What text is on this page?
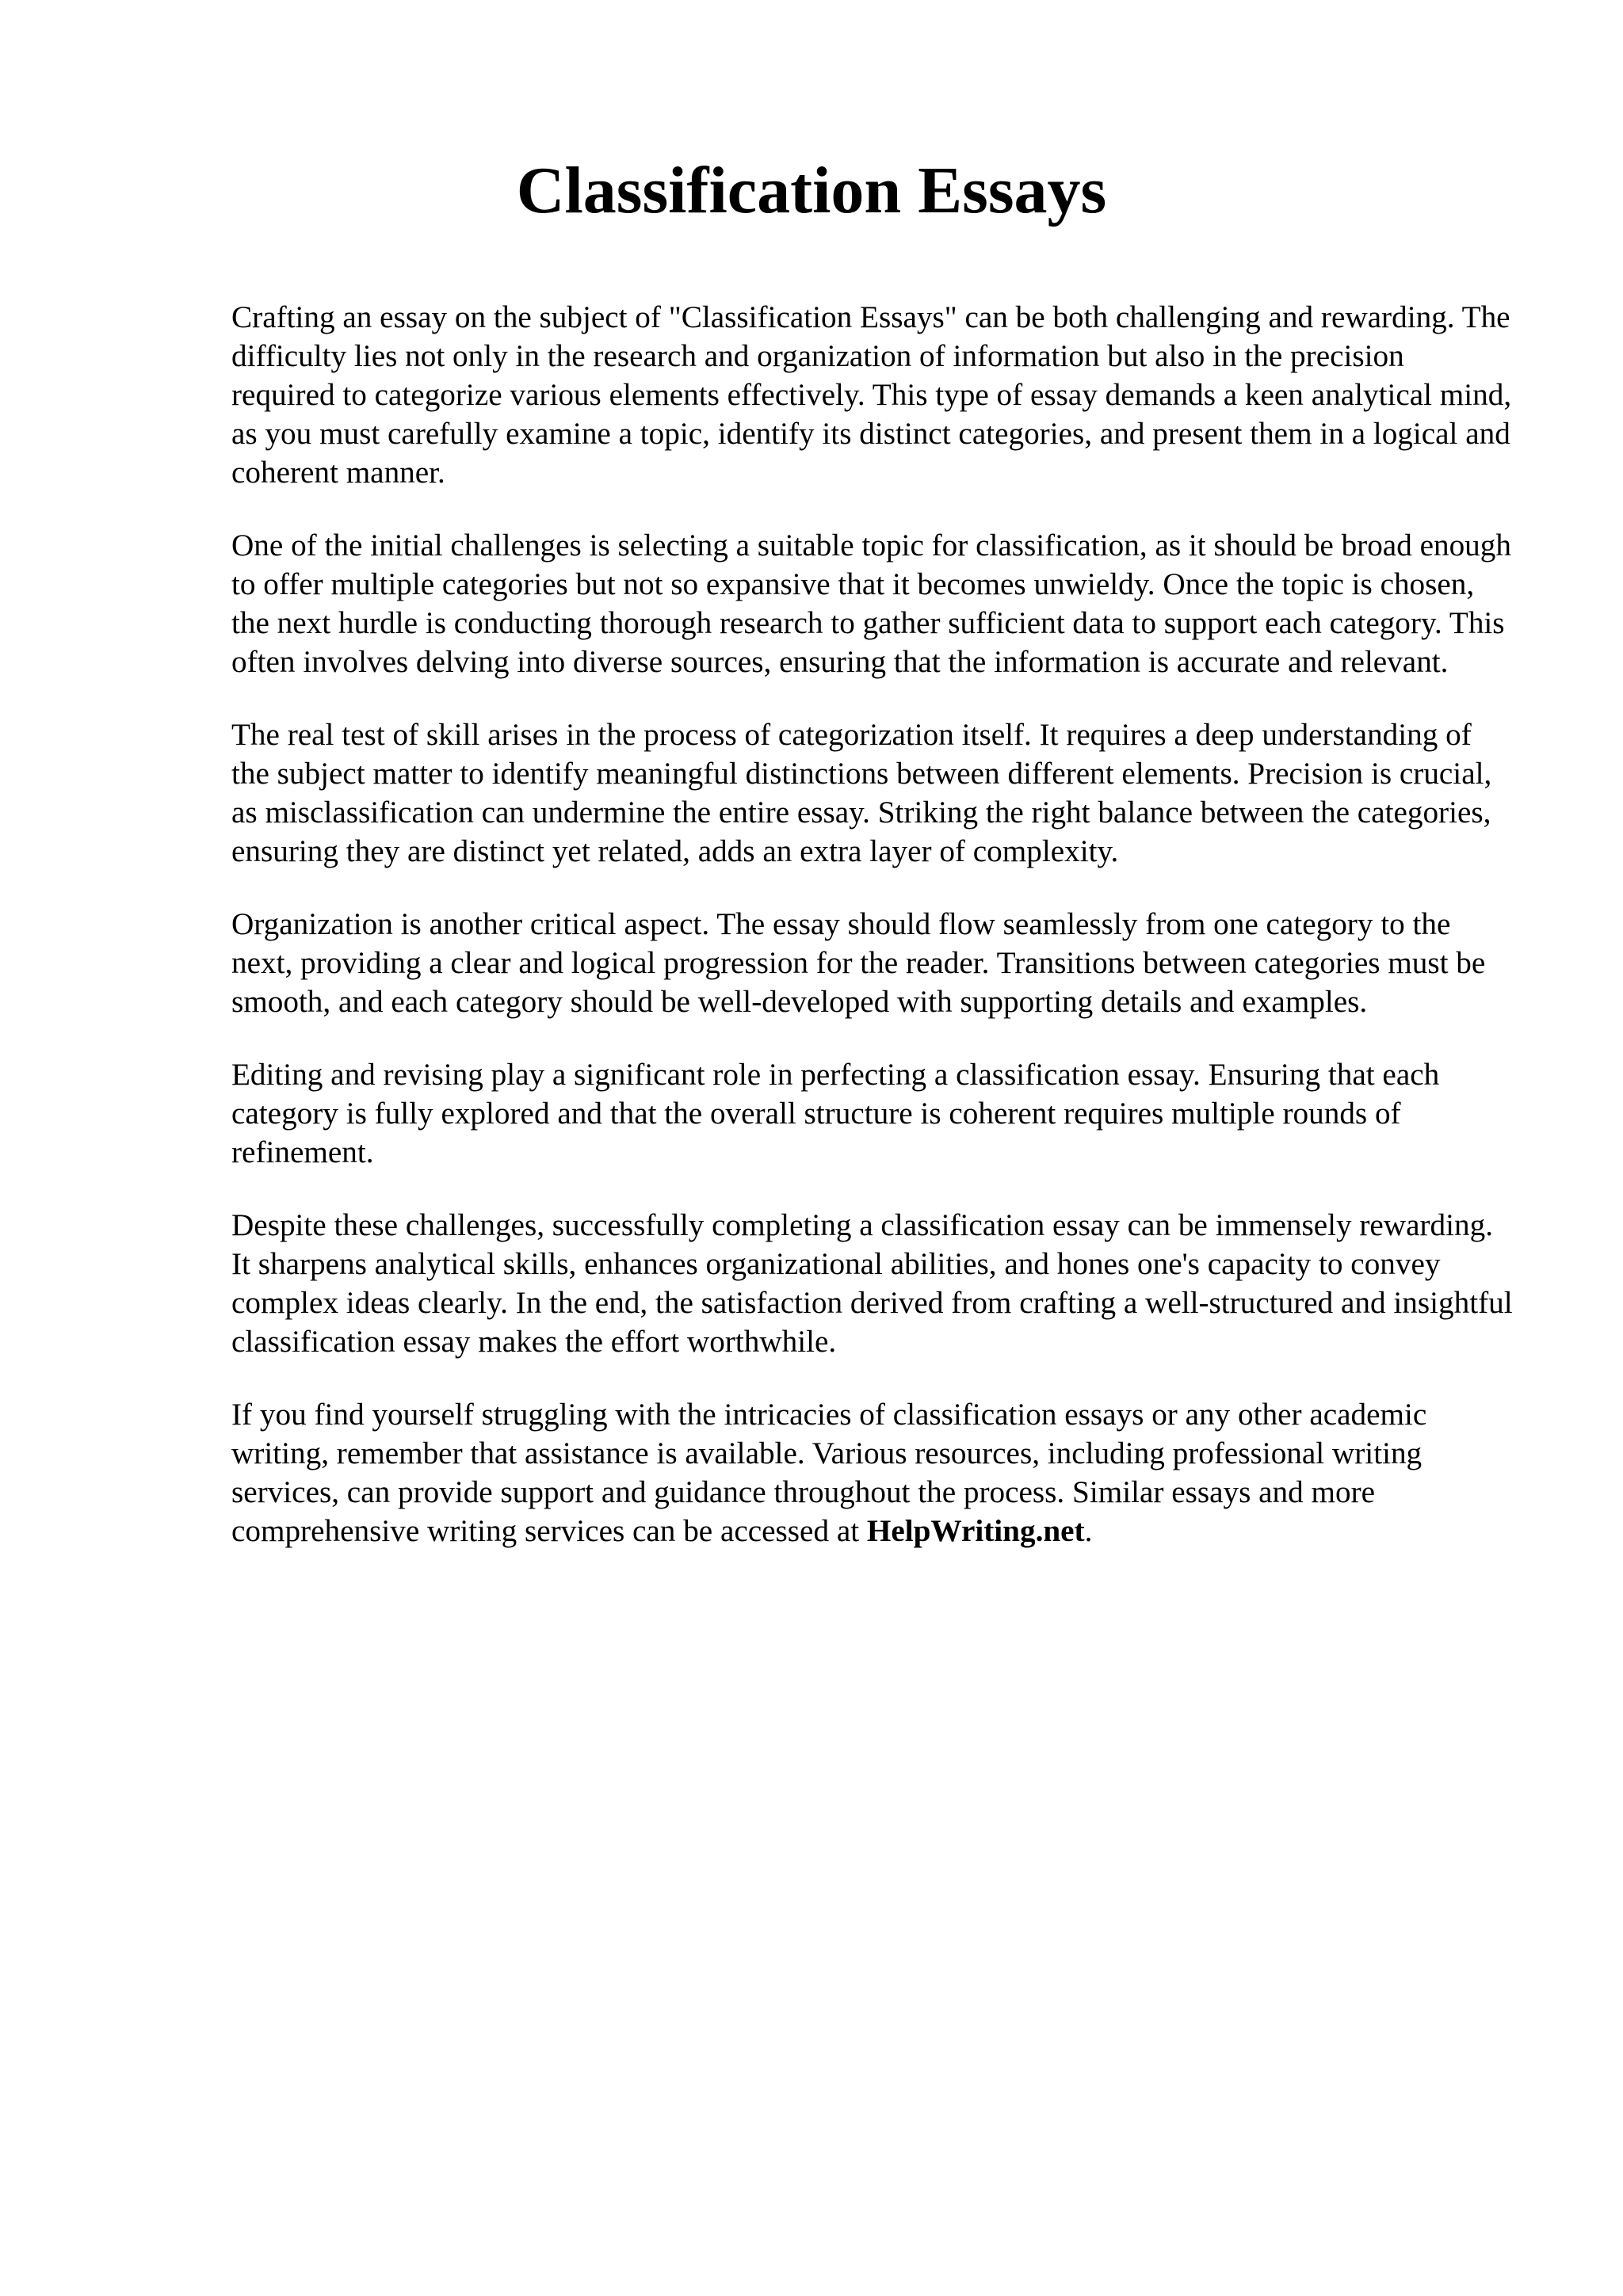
Classification Essays

Crafting an essay on the subject of "Classification Essays" can be both challenging and rewarding. The difficulty lies not only in the research and organization of information but also in the precision required to categorize various elements effectively. This type of essay demands a keen analytical mind, as you must carefully examine a topic, identify its distinct categories, and present them in a logical and coherent manner.

One of the initial challenges is selecting a suitable topic for classification, as it should be broad enough to offer multiple categories but not so expansive that it becomes unwieldy. Once the topic is chosen, the next hurdle is conducting thorough research to gather sufficient data to support each category. This often involves delving into diverse sources, ensuring that the information is accurate and relevant.

The real test of skill arises in the process of categorization itself. It requires a deep understanding of the subject matter to identify meaningful distinctions between different elements. Precision is crucial, as misclassification can undermine the entire essay. Striking the right balance between the categories, ensuring they are distinct yet related, adds an extra layer of complexity.

Organization is another critical aspect. The essay should flow seamlessly from one category to the next, providing a clear and logical progression for the reader. Transitions between categories must be smooth, and each category should be well-developed with supporting details and examples.

Editing and revising play a significant role in perfecting a classification essay. Ensuring that each category is fully explored and that the overall structure is coherent requires multiple rounds of refinement.

Despite these challenges, successfully completing a classification essay can be immensely rewarding. It sharpens analytical skills, enhances organizational abilities, and hones one's capacity to convey complex ideas clearly. In the end, the satisfaction derived from crafting a well-structured and insightful classification essay makes the effort worthwhile.

If you find yourself struggling with the intricacies of classification essays or any other academic writing, remember that assistance is available. Various resources, including professional writing services, can provide support and guidance throughout the process. Similar essays and more comprehensive writing services can be accessed at HelpWriting.net.
